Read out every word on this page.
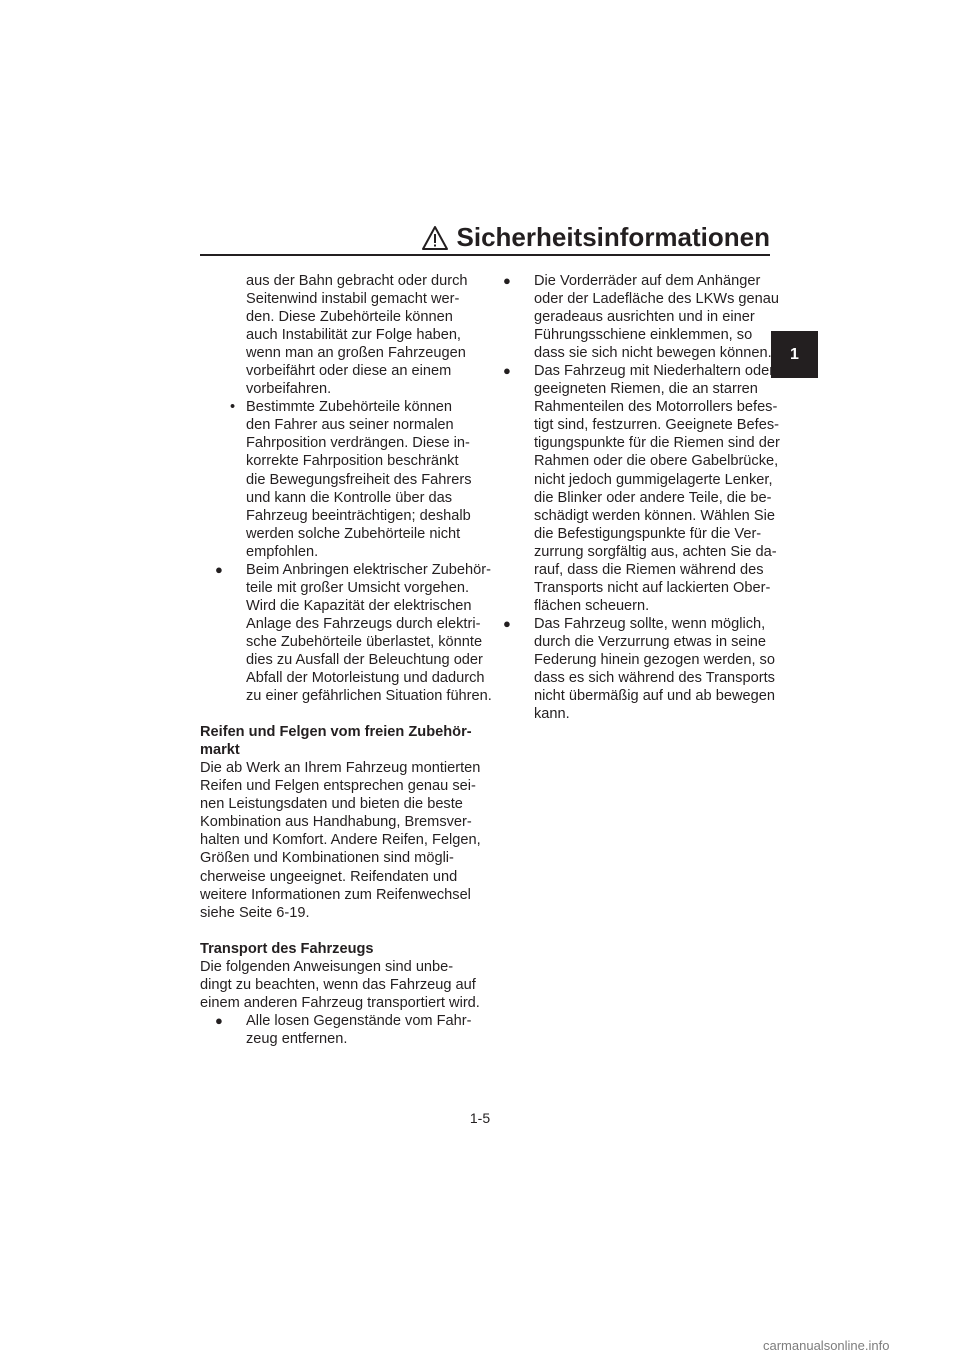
Sicherheitsinformationen
1
aus der Bahn gebracht oder durch
Seitenwind instabil gemacht wer-
den. Diese Zubehörteile können
auch Instabilität zur Folge haben,
wenn man an großen Fahrzeugen
vorbeifährt oder diese an einem
vorbeifahren.
• Bestimmte Zubehörteile können
den Fahrer aus seiner normalen
Fahrposition verdrängen. Diese in-
korrekte Fahrposition beschränkt
die Bewegungsfreiheit des Fahrers
und kann die Kontrolle über das
Fahrzeug beeinträchtigen; deshalb
werden solche Zubehörteile nicht
empfohlen.
● Beim Anbringen elektrischer Zubehör-
teile mit großer Umsicht vorgehen.
Wird die Kapazität der elektrischen
Anlage des Fahrzeugs durch elektri-
sche Zubehörteile überlastet, könnte
dies zu Ausfall der Beleuchtung oder
Abfall der Motorleistung und dadurch
zu einer gefährlichen Situation führen.
Reifen und Felgen vom freien Zubehör-
markt
Die ab Werk an Ihrem Fahrzeug montierten
Reifen und Felgen entsprechen genau sei-
nen Leistungsdaten und bieten die beste
Kombination aus Handhabung, Bremsver-
halten und Komfort. Andere Reifen, Felgen,
Größen und Kombinationen sind mögli-
cherweise ungeeignet. Reifendaten und
weitere Informationen zum Reifenwechsel
siehe Seite 6-19.
Transport des Fahrzeugs
Die folgenden Anweisungen sind unbe-
dingt zu beachten, wenn das Fahrzeug auf
einem anderen Fahrzeug transportiert wird.
● Alle losen Gegenstände vom Fahr-
zeug entfernen.
● Die Vorderräder auf dem Anhänger
oder der Ladefläche des LKWs genau
geradeaus ausrichten und in einer
Führungsschiene einklemmen, so
dass sie sich nicht bewegen können.
● Das Fahrzeug mit Niederhaltern oder
geeigneten Riemen, die an starren
Rahmenteilen des Motorrollers befes-
tigt sind, festzurren. Geeignete Befes-
tigungspunkte für die Riemen sind der
Rahmen oder die obere Gabelbrücke,
nicht jedoch gummigelagerte Lenker,
die Blinker oder andere Teile, die be-
schädigt werden können. Wählen Sie
die Befestigungspunkte für die Ver-
zurrung sorgfältig aus, achten Sie da-
rauf, dass die Riemen während des
Transports nicht auf lackierten Ober-
flächen scheuern.
● Das Fahrzeug sollte, wenn möglich,
durch die Verzurrung etwas in seine
Federung hinein gezogen werden, so
dass es sich während des Transports
nicht übermäßig auf und ab bewegen
kann.
1-5
carmanualsonline.info
